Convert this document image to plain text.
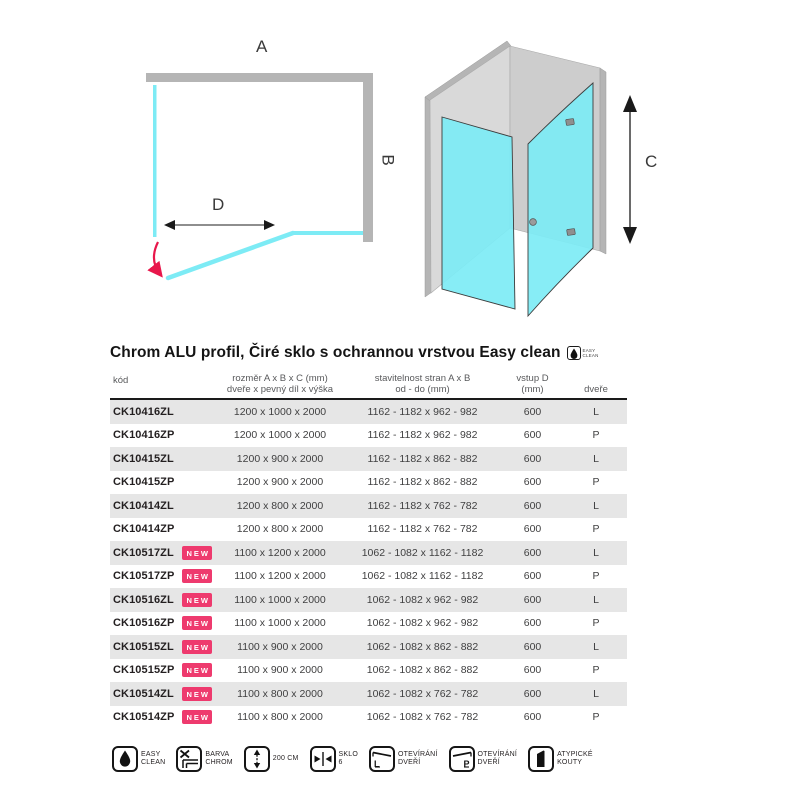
A
B
D
C
Chrom ALU profil, Čiré sklo s ochrannou vrstvou Easy clean	EASY
CLEAN
kód	rozměr A x B x C (mm)
dveře x pevný díl x výška
stavitelnost stran A x B
od - do (mm)
vstup D
(mm)	dveře
CK10416ZL	1200 x 1000 x 2000	1162 - 1182 x 962 - 982	600	L
CK10416ZP	1200 x 1000 x 2000	1162 - 1182 x 962 - 982	600	P
CK10415ZL	1200 x 900 x 2000	1162 - 1182 x 862 - 882	600	L
CK10415ZP	1200 x 900 x 2000	1162 - 1182 x 862 - 882	600	P
CK10414ZL	1200 x 800 x 2000	1162 - 1182 x 762 - 782	600	L
CK10414ZP	1200 x 800 x 2000	1162 - 1182 x 762 - 782	600	P
CK10517ZL	NEW	1100 x 1200 x 2000	1062 - 1082 x 1162 - 1182	600	L
CK10517ZP	NEW	1100 x 1200 x 2000	1062 - 1082 x 1162 - 1182	600	P
CK10516ZL	NEW	1100 x 1000 x 2000	1062 - 1082 x 962 - 982	600	L
CK10516ZP	NEW	1100 x 1000 x 2000	1062 - 1082 x 962 - 982	600	P
CK10515ZL	NEW	1100 x 900 x 2000	1062 - 1082 x 862 - 882	600	L
CK10515ZP	NEW	1100 x 900 x 2000	1062 - 1082 x 862 - 882	600	P
CK10514ZL	NEW	1100 x 800 x 2000	1062 - 1082 x 762 - 782	600	L
CK10514ZP	NEW	1100 x 800 x 2000	1062 - 1082 x 762 - 782	600	P
EASY
CLEAN
BARVA
CHROM
200 CM
SKLO
6	L
OTEVÍRÁNÍ
DVEŘÍ	P
OTEVÍRÁNÍ
DVEŘÍ
ATYPICKÉ
KOUTY
